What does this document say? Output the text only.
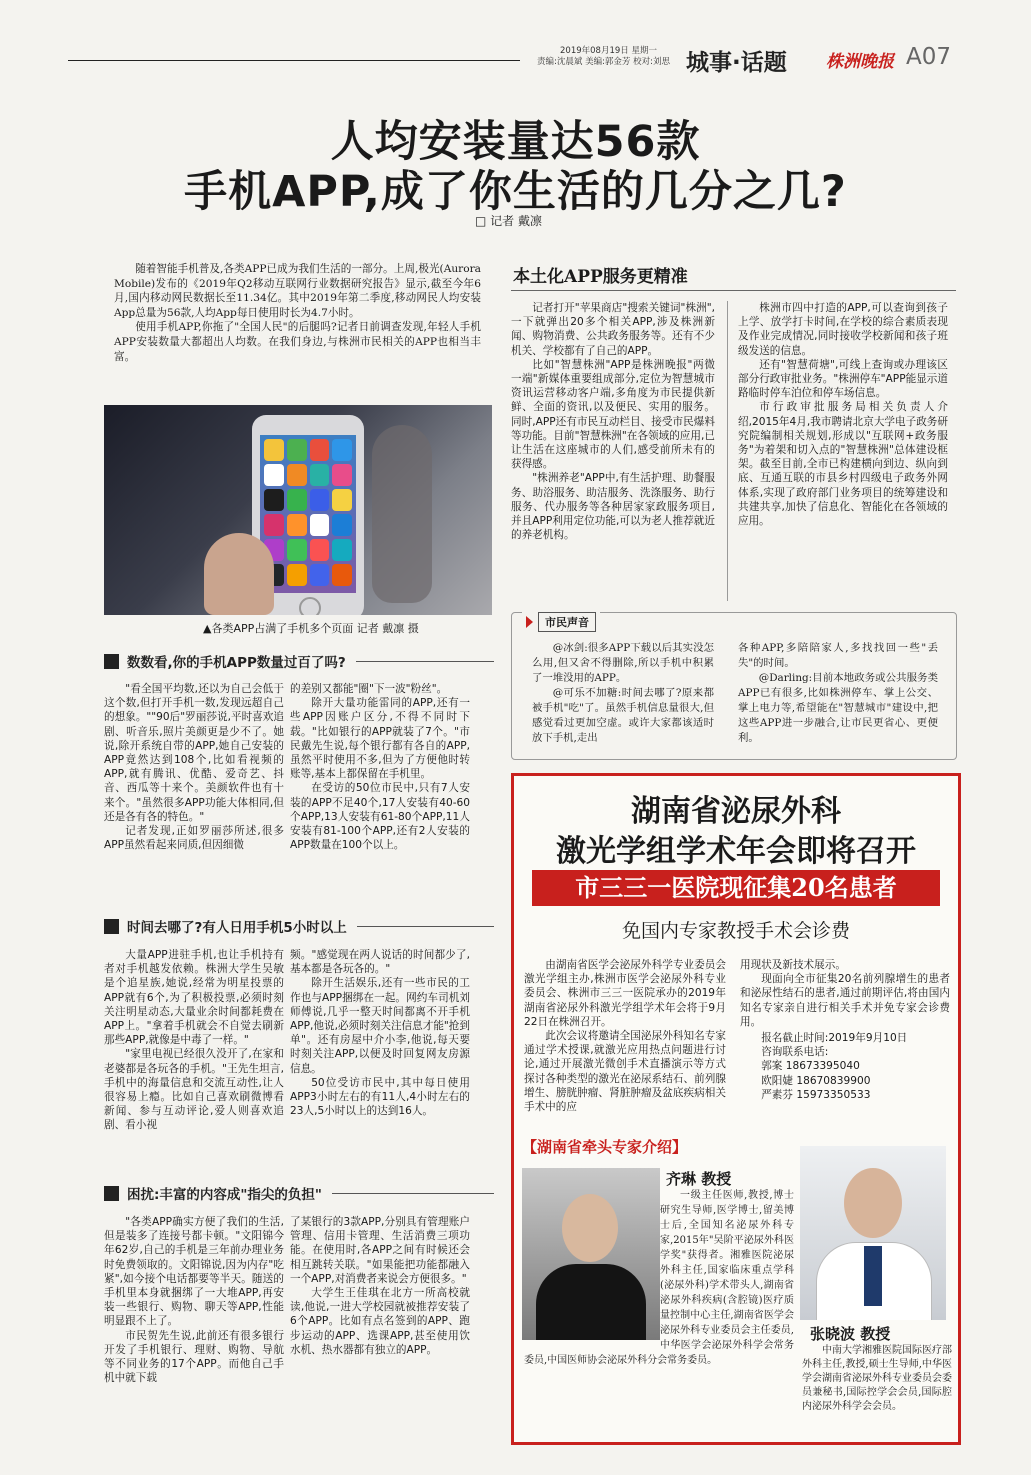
2019年08月19日 星期一
责编:沈晨斌 美编:郭金芳 校对:刘思 城事·话题 株洲晚报 A07
人均安装量达56款
手机APP,成了你生活的几分之几?
□ 记者 戴凛

随着智能手机普及,各类APP已成为我们生活的一部分。上周,极光(Aurora Mobile)发布的《2019年Q2移动互联网行业数据研究报告》显示,截至今年6月,国内移动网民数据长至11.34亿。其中2019年第二季度,移动网民人均安装App总量为56款,人均App每日使用时长为4.7小时。

使用手机APP,你拖了"全国人民"的后腿吗?记者日前调查发现,年轻人手机APP安装数量大都超出人均数。在我们身边,与株洲市民相关的APP也相当丰富。

▲各类APP占满了手机多个页面 记者 戴凛 摄
数数看,你的手机APP数量过百了吗?

"看全国平均数,还以为自己会低于这个数,但打开手机一数,发现远超自己的想象。""90后"罗丽莎说,平时喜欢追剧、听音乐,照片美颜更是少不了。她说,除开系统自带的APP,她自己安装的APP竟然达到108个,比如看视频的APP,就有腾讯、优酷、爱奇艺、抖音、西瓜等十来个。美颜软件也有十来个。"虽然很多APP功能大体相同,但还是各有各的特色。"

记者发现,正如罗丽莎所述,很多APP虽然看起来同质,但因细微

的差别又都能"圈"下一波"粉丝"。

除开大量功能雷同的APP,还有一些APP因账户区分,不得不同时下载。"比如银行的APP就装了7个。"市民戴先生说,每个银行都有各自的APP,虽然平时使用不多,但为了方便他时转账等,基本上都保留在手机里。

在受访的50位市民中,只有7人安装的APP不足40个,17人安装有40-60个APP,13人安装有61-80个APP,11人安装有81-100个APP,还有2人安装的APP数量在100个以上。

时间去哪了?有人日用手机5小时以上

大量APP进驻手机,也让手机持有者对手机越发依赖。株洲大学生吴敏是个追星族,她说,经常为明星投票的APP就有6个,为了积极投票,必须时刻关注明星动态,大量业余时间都耗费在APP上。"拿着手机就会不自觉去刷新那些APP,就像是中毒了一样。"

"家里电视已经很久没开了,在家和老婆都是各玩各的手机。"王先生坦言,手机中的海量信息和交流互动性,让人很容易上瘾。比如自己喜欢刷微博看新闻、参与互动评论,爱人则喜欢追剧、看小视

频。"感觉现在两人说话的时间都少了,基本都是各玩各的。"

除开生活娱乐,还有一些市民的工作也与APP捆绑在一起。网约车司机刘师傅说,几乎一整天时间都离不开手机APP,他说,必须时刻关注信息才能"抢到单"。还有房屋中介小李,他说,每天要时刻关注APP,以便及时回复网友房源信息。

50位受访市民中,其中每日使用APP3小时左右的有11人,4小时左右的23人,5小时以上的达到16人。

困扰:丰富的内容成"指尖的负担"

"各类APP确实方便了我们的生活,但是装多了连接号都卡顿。"文阳锦今年62岁,自己的手机是三年前办理业务时免费领取的。文阳锦说,因为内存"吃紧",如今接个电话都要等半天。随送的手机里本身就捆绑了一大堆APP,再安装一些银行、购物、聊天等APP,性能明显跟不上了。

市民贺先生说,此前还有很多银行开发了手机银行、理财、购物、导航等不同业务的17个APP。而他自己手机中就下载

了某银行的3款APP,分别具有管理账户管理、信用卡管理、生活消费三项功能。在使用时,各APP之间有时候还会相互跳转关联。"如果能把功能都融入一个APP,对消费者来说会方便很多。"

大学生王佳琪在北方一所高校就读,他说,一进大学校园就被推荐安装了6个APP。比如有点名签到的APP、跑步运动的APP、选课APP,甚至使用饮水机、热水器都有独立的APP。

本土化APP服务更精准

记者打开"苹果商店"搜索关键词"株洲",一下就弹出20多个相关APP,涉及株洲新闻、购物消费、公共政务服务等。还有不少机关、学校都有了自己的APP。

比如"智慧株洲"APP是株洲晚报"两微一端"新媒体重要组成部分,定位为智慧城市资讯运营移动客户端,多角度为市民提供新鲜、全面的资讯,以及便民、实用的服务。同时,APP还有市民互动栏目、接受市民爆料等功能。目前"智慧株洲"在各领域的应用,已让生活在这座城市的人们,感受前所未有的获得感。

"株洲养老"APP中,有生活护理、助餐服务、助浴服务、助洁服务、洗涤服务、助行服务、代办服务等各种居家家政服务项目,并且APP利用定位功能,可以为老人推荐就近的养老机构。

株洲市四中打造的APP,可以查询到孩子上学、放学打卡时间,在学校的综合素质表现及作业完成情况,同时接收学校新闻和孩子班级发送的信息。

还有"智慧荷塘",可线上查询或办理该区部分行政审批业务。"株洲停车"APP能显示道路临时停车泊位和停车场信息。

市行政审批服务局相关负责人介绍,2015年4月,我市聘请北京大学电子政务研究院编制相关规划,形成以"互联网+政务服务"为着架和切入点的"智慧株洲"总体建设框架。截至目前,全市已构建横向到边、纵向到底、互通互联的市县乡村四级电子政务外网体系,实现了政府部门业务项目的统筹建设和共建共享,加快了信息化、智能化在各领域的应用。

市民声音

@冰剑:很多APP下载以后其实没怎么用,但又舍不得删除,所以手机中积累了一堆没用的APP。

@可乐不加糖:时间去哪了?原来都被手机"吃"了。虽然手机信息量很大,但感觉看过更加空虚。或许大家都该适时放下手机,走出

各种APP,多陪陪家人,多找找回一些"丢失"的时间。

@Darling:目前本地政务或公共服务类APP已有很多,比如株洲停车、掌上公交、掌上电力等,希望能在"智慧城市"建设中,把这些APP进一步融合,让市民更省心、更便利。

湖南省泌尿外科
激光学组学术年会即将召开
市三三一医院现征集20名患者
免国内专家教授手术会诊费

由湖南省医学会泌尿外科学专业委员会激光学组主办,株洲市医学会泌尿外科专业委员会、株洲市三三一医院承办的2019年湖南省泌尿外科激光学组学术年会将于9月22日在株洲召开。

此次会议将邀请全国泌尿外科知名专家通过学术授课,就激光应用热点问题进行讨论,通过开展激光微创手术直播演示等方式探讨各种类型的激光在泌尿系结石、前列腺增生、膀胱肿瘤、肾脏肿瘤及盆底疾病相关手术中的应

用现状及新技术展示。

现面向全市征集20名前列腺增生的患者和泌尿性结石的患者,通过前期评估,将由国内知名专家亲自进行相关手术并免专家会诊费用。

报名截止时间:2019年9月10日

咨询联系电话:

郭案 18673395040

欧阳婕 18670839900

严素芬 15973350533

【湖南省牵头专家介绍】
齐琳 教授

一级主任医师,教授,博士研究生导师,医学博士,留美博士后,全国知名泌尿外科专家,2015年"吴阶平泌尿外科医学奖"获得者。湘雅医院泌尿外科主任,国家临床重点学科(泌尿外科)学术带头人,湖南省泌尿外科疾病(含腔镜)医疗质量控制中心主任,湖南省医学会泌尿外科专业委员会主任委员,中华医学会泌尿外科学会常务委员,中国医师协会泌尿外科分会常务委员。

张晓波 教授

中南大学湘雅医院国际医疗部外科主任,教授,硕士生导师,中华医学会湖南省泌尿外科专业委员会委员兼秘书,国际控学会会员,国际腔内泌尿外科学会会员。
